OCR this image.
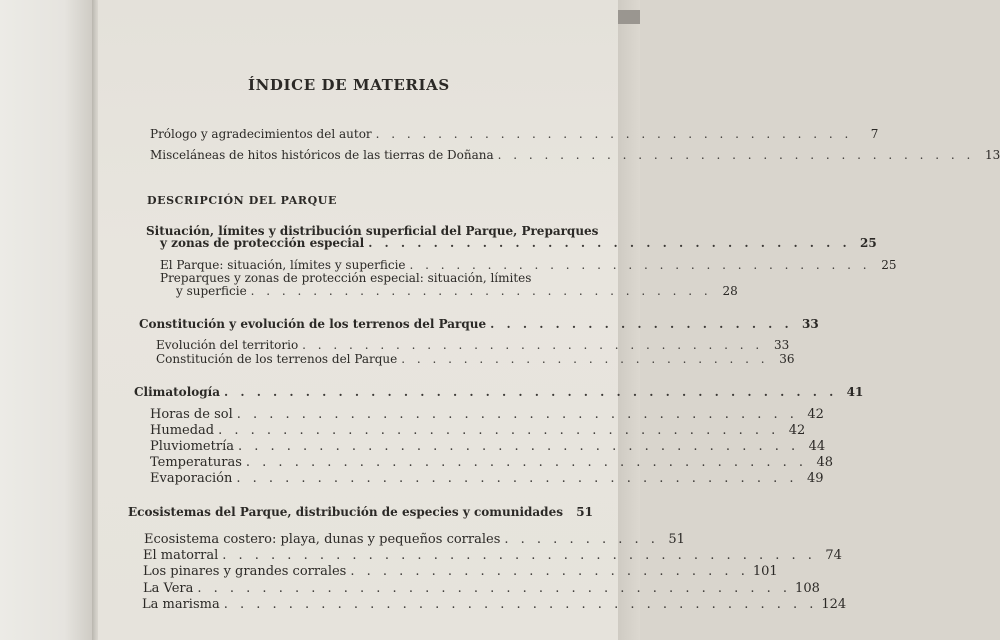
ÍNDICE DE MATERIAS
Prólogo y agradecimientos del autor . . . . . . . . . . . . . . . . . . . . . . . . . . . . . . .	7
Misceláneas de hitos históricos de las tierras de Doñana . . . . . . . . . . . . . . . . . . . . . . . . . . . . . . . 13
DESCRIPCIÓN DEL PARQUE
Situación, límites y distribución superficial del Parque, Preparques
y zonas de protección especial . . . . . . . . . . . . . . . . . . . . . . . . . . . . . . 25
El Parque: situación, límites y superficie . . . . . . . . . . . . . . . . . . . . . . . . . . . . . . 25
Preparques y zonas de protección especial: situación, límites
y superficie . . . . . . . . . . . . . . . . . . . . . . . . . . . . . . 28
Constitución y evolución de los terrenos del Parque . . . . . . . . . . . . . . . . . . . 33
Evolución del territorio . . . . . . . . . . . . . . . . . . . . . . . . . . . . . . 33
Constitución de los terrenos del Parque . . . . . . . . . . . . . . . . . . . . . . . . 36
Climatología . . . . . . . . . . . . . . . . . . . . . . . . . . . . . . . . . . . . . . 41
Horas de sol . . . . . . . . . . . . . . . . . . . . . . . . . . . . . . . . . . . 42
Humedad . . . . . . . . . . . . . . . . . . . . . . . . . . . . . . . . . . . 42
Pluviometría . . . . . . . . . . . . . . . . . . . . . . . . . . . . . . . . . . . 44
Temperaturas . . . . . . . . . . . . . . . . . . . . . . . . . . . . . . . . . . . 48
Evaporación . . . . . . . . . . . . . . . . . . . . . . . . . . . . . . . . . . . 49
Ecosistemas del Parque, distribución de especies y comunidades	51
Ecosistema costero: playa, dunas y pequeños corrales . . . . . . . . . . 51
El matorral . . . . . . . . . . . . . . . . . . . . . . . . . . . . . . . . . . . . . 74
Los pinares y grandes corrales . . . . . . . . . . . . . . . . . . . . . . . . . 101
La Vera . . . . . . . . . . . . . . . . . . . . . . . . . . . . . . . . . . . . . 108
La marisma . . . . . . . . . . . . . . . . . . . . . . . . . . . . . . . . . . . . . 124
